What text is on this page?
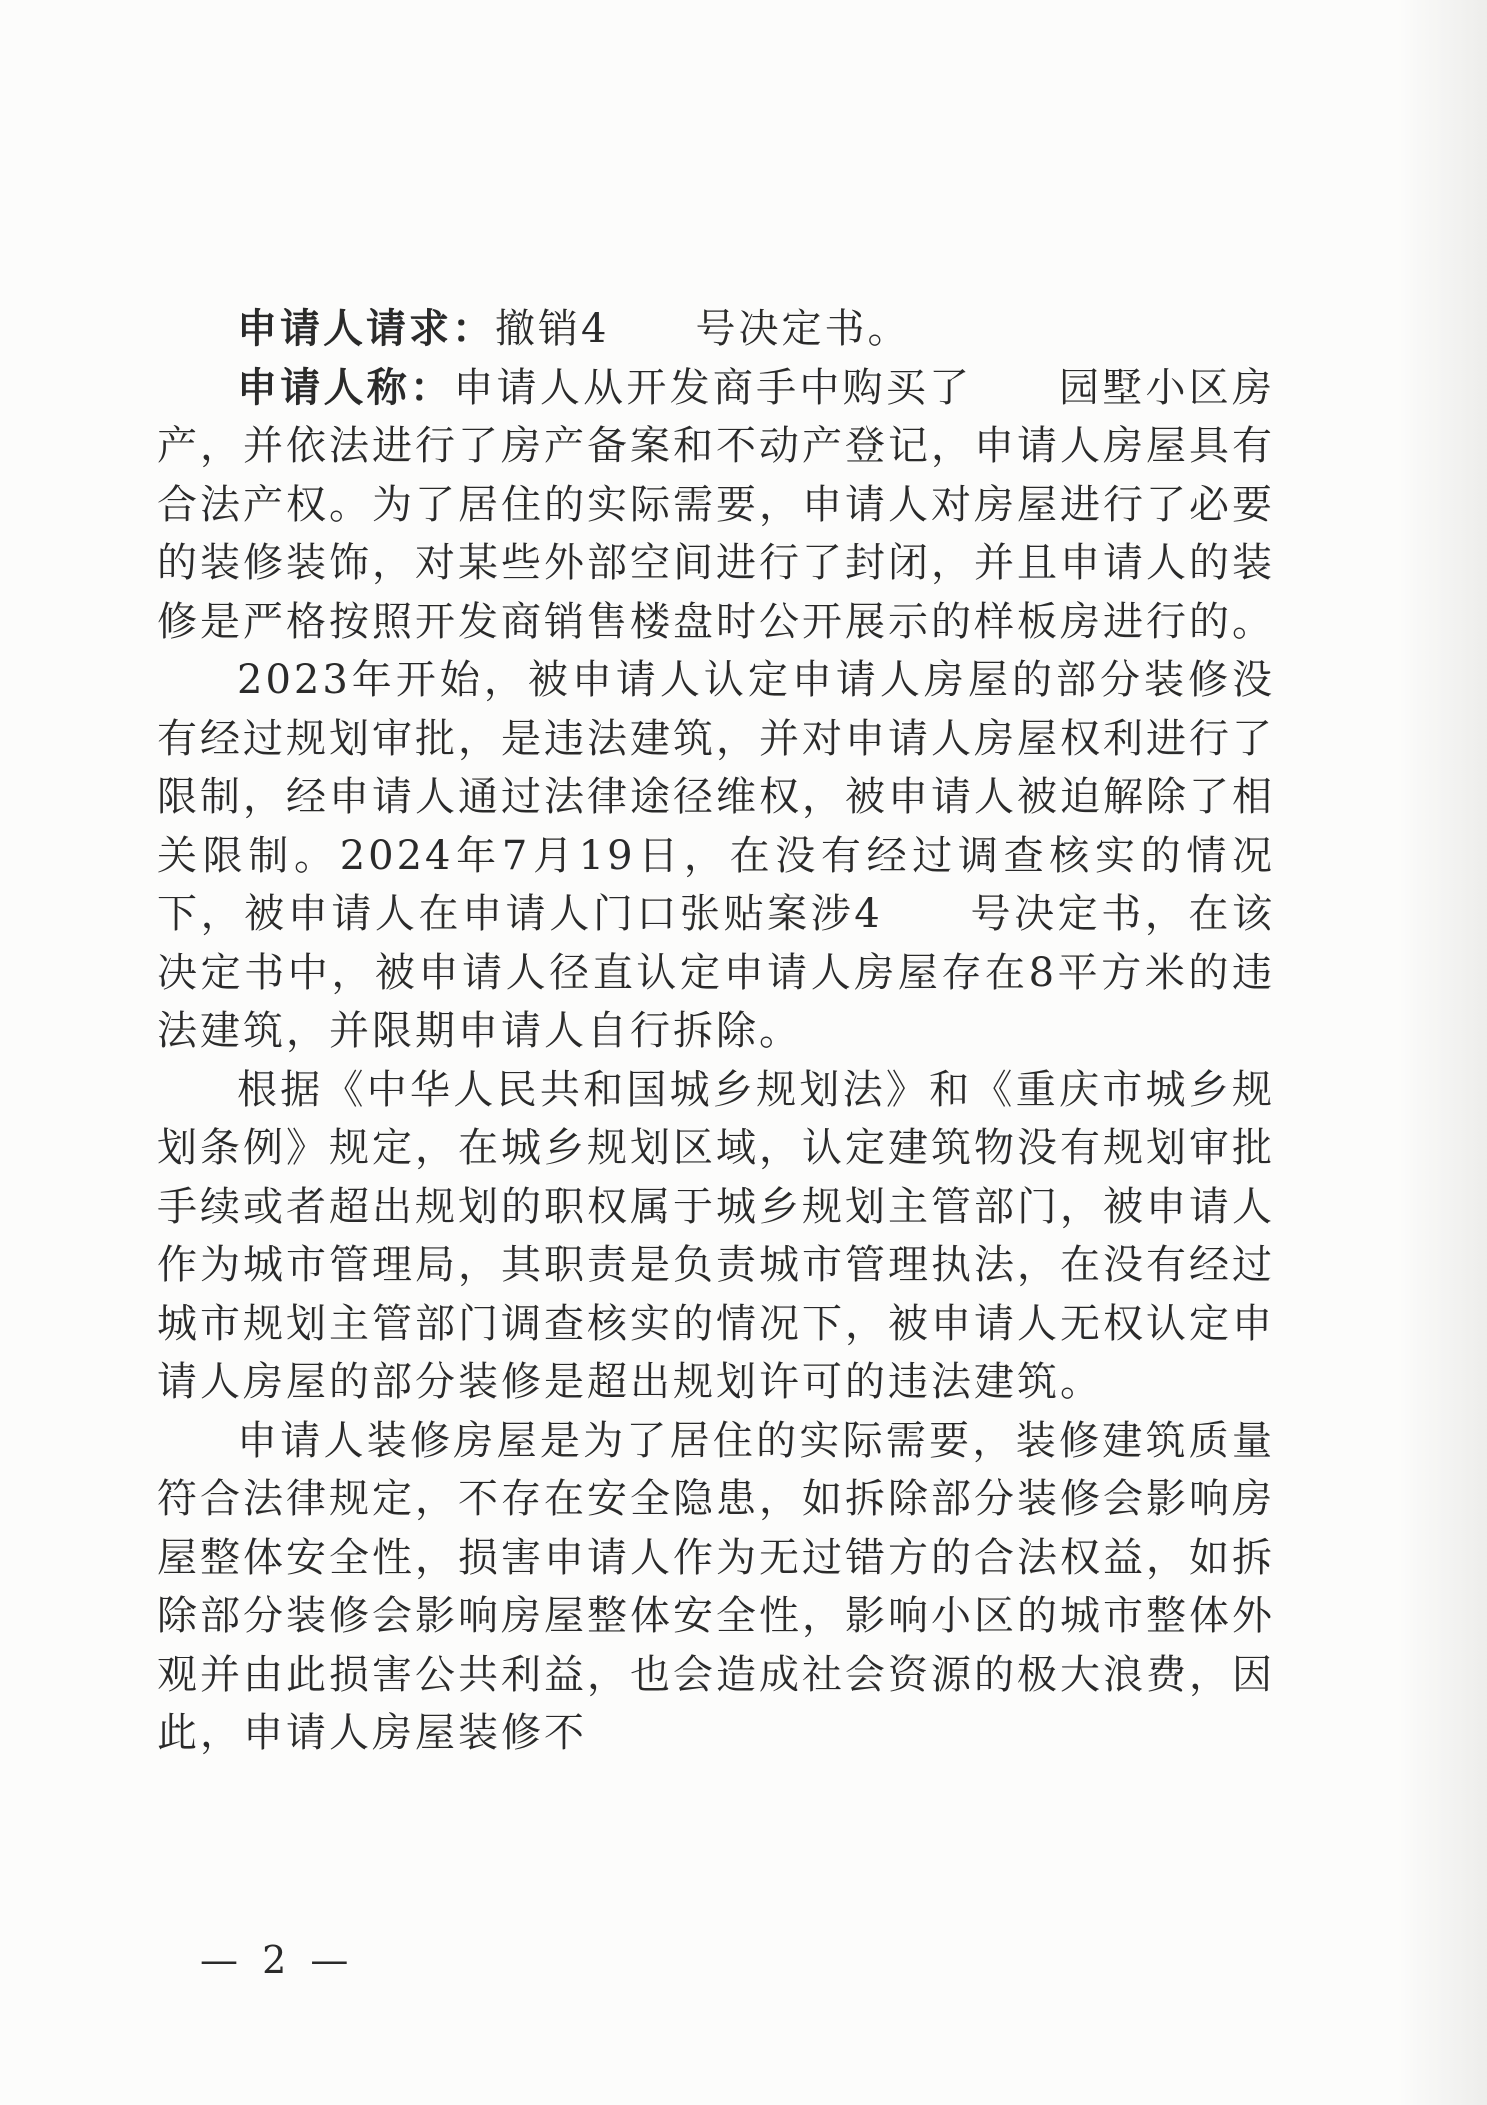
申请人请求：撤销4　　号决定书。

申请人称：申请人从开发商手中购买了　　园墅小区房产，并依法进行了房产备案和不动产登记，申请人房屋具有合法产权。为了居住的实际需要，申请人对房屋进行了必要的装修装饰，对某些外部空间进行了封闭，并且申请人的装修是严格按照开发商销售楼盘时公开展示的样板房进行的。

2023年开始，被申请人认定申请人房屋的部分装修没有经过规划审批，是违法建筑，并对申请人房屋权利进行了限制，经申请人通过法律途径维权，被申请人被迫解除了相关限制。2024年7月19日，在没有经过调查核实的情况下，被申请人在申请人门口张贴案涉4　　号决定书，在该决定书中，被申请人径直认定申请人房屋存在8平方米的违法建筑，并限期申请人自行拆除。

根据《中华人民共和国城乡规划法》和《重庆市城乡规划条例》规定，在城乡规划区域，认定建筑物没有规划审批手续或者超出规划的职权属于城乡规划主管部门，被申请人作为城市管理局，其职责是负责城市管理执法，在没有经过城市规划主管部门调查核实的情况下，被申请人无权认定申请人房屋的部分装修是超出规划许可的违法建筑。

申请人装修房屋是为了居住的实际需要，装修建筑质量符合法律规定，不存在安全隐患，如拆除部分装修会影响房屋整体安全性，损害申请人作为无过错方的合法权益，如拆除部分装修会影响房屋整体安全性，影响小区的城市整体外观并由此损害公共利益，也会造成社会资源的极大浪费，因此，申请人房屋装修不

— 2 —
